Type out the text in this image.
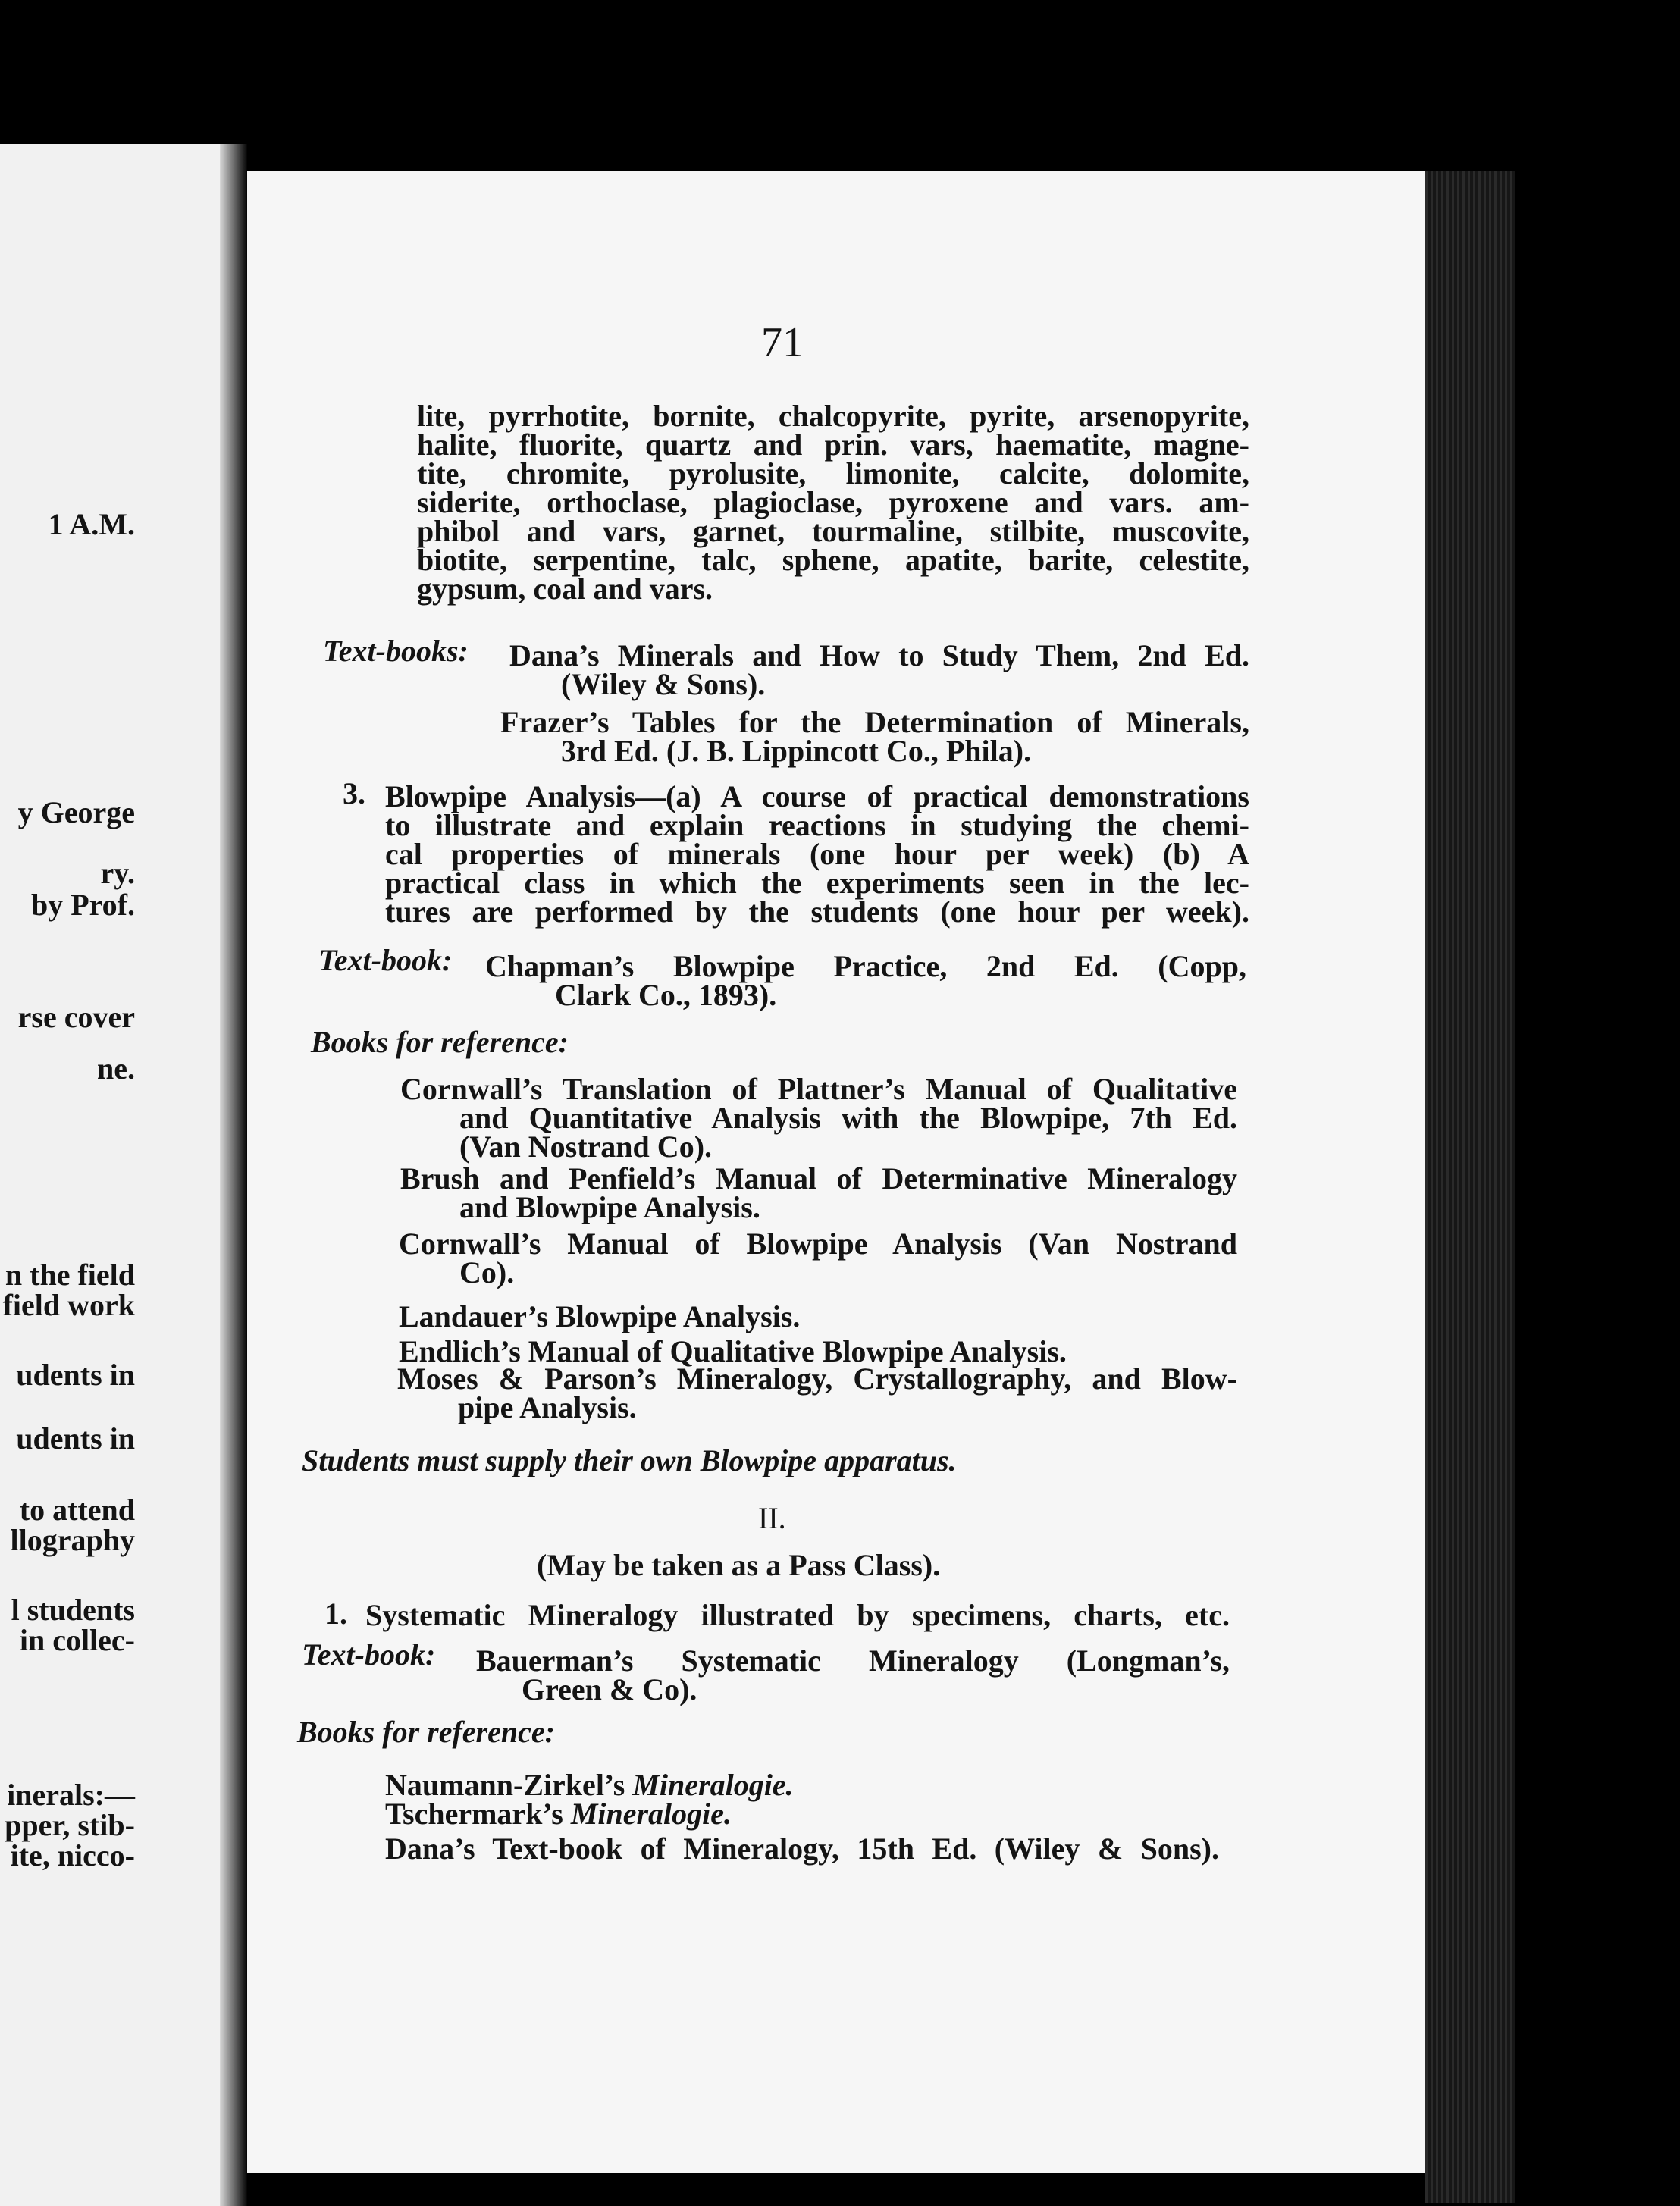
1 A.M.
y George
ry.
by Prof.
rse cover
ne.
n the field
field work
udents in
udents in
to attend
llography
l students
in collec-
inerals:—
pper, stib-
ite, nicco-
71
lite, pyrrhotite, bornite, chalcopyrite, pyrite, arsenopyrite,
halite, fluorite, quartz and prin. vars, haematite, magne-
tite, chromite, pyrolusite, limonite, calcite, dolomite,
siderite, orthoclase, plagioclase, pyroxene and vars. am-
phibol and vars, garnet, tourmaline, stilbite, muscovite,
biotite, serpentine, talc, sphene, apatite, barite, celestite,
gypsum, coal and vars.
Text-books: Dana’s Minerals and How to Study Them, 2nd Ed.
(Wiley & Sons).
Frazer’s Tables for the Determination of Minerals,
3rd Ed. (J. B. Lippincott Co., Phila).
3. Blowpipe Analysis—(a) A course of practical demonstrations
to illustrate and explain reactions in studying the chemi-
cal properties of minerals (one hour per week) (b) A
practical class in which the experiments seen in the lec-
tures are performed by the students (one hour per week).
Text-book: Chapman’s Blowpipe Practice, 2nd Ed. (Copp,
Clark Co., 1893).
Books for reference:
Cornwall’s Translation of Plattner’s Manual of Qualitative
and Quantitative Analysis with the Blowpipe, 7th Ed.
(Van Nostrand Co).
Brush and Penfield’s Manual of Determinative Mineralogy
and Blowpipe Analysis.
Cornwall’s Manual of Blowpipe Analysis (Van Nostrand
Co).
Landauer’s Blowpipe Analysis.
Endlich’s Manual of Qualitative Blowpipe Analysis.
Moses & Parson’s Mineralogy, Crystallography, and Blow-
pipe Analysis.
Students must supply their own Blowpipe apparatus.
II.
(May be taken as a Pass Class).
1. Systematic Mineralogy illustrated by specimens, charts, etc.
Text-book: Bauerman’s Systematic Mineralogy (Longman’s,
Green & Co).
Books for reference:
Naumann-Zirkel’s Mineralogie.
Tschermark’s Mineralogie.
Dana’s Text-book of Mineralogy, 15th Ed. (Wiley & Sons).
